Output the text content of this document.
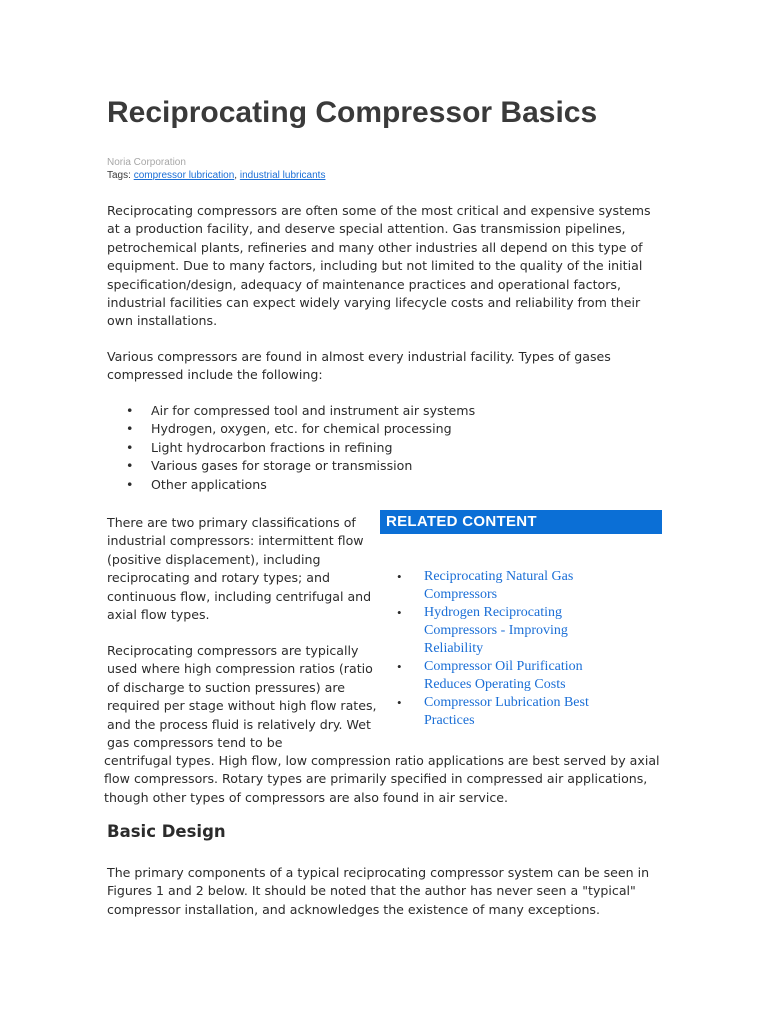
Reciprocating Compressor Basics
Noria Corporation
Tags: compressor lubrication, industrial lubricants

Reciprocating compressors are often some of the most critical and expensive systems at a production facility, and deserve special attention. Gas transmission pipelines, petrochemical plants, refineries and many other industries all depend on this type of equipment. Due to many factors, including but not limited to the quality of the initial specification/design, adequacy of maintenance practices and operational factors, industrial facilities can expect widely varying lifecycle costs and reliability from their own installations.

Various compressors are found in almost every industrial facility. Types of gases compressed include the following:

• Air for compressed tool and instrument air systems
• Hydrogen, oxygen, etc. for chemical processing
• Light hydrocarbon fractions in refining
• Various gases for storage or transmission
• Other applications

There are two primary classifications of industrial compressors: intermittent flow (positive displacement), including reciprocating and rotary types; and continuous flow, including centrifugal and axial flow types.

Reciprocating compressors are typically used where high compression ratios (ratio of discharge to suction pressures) are required per stage without high flow rates, and the process fluid is relatively dry. Wet gas compressors tend to be

centrifugal types. High flow, low compression ratio applications are best served by axial flow compressors. Rotary types are primarily specified in compressed air applications, though other types of compressors are also found in air service.

RELATED CONTENT
• Reciprocating Natural Gas Compressors
• Hydrogen Reciprocating Compressors - Improving Reliability
• Compressor Oil Purification Reduces Operating Costs
• Compressor Lubrication Best Practices
Basic Design

The primary components of a typical reciprocating compressor system can be seen in Figures 1 and 2 below. It should be noted that the author has never seen a "typical" compressor installation, and acknowledges the existence of many exceptions.
